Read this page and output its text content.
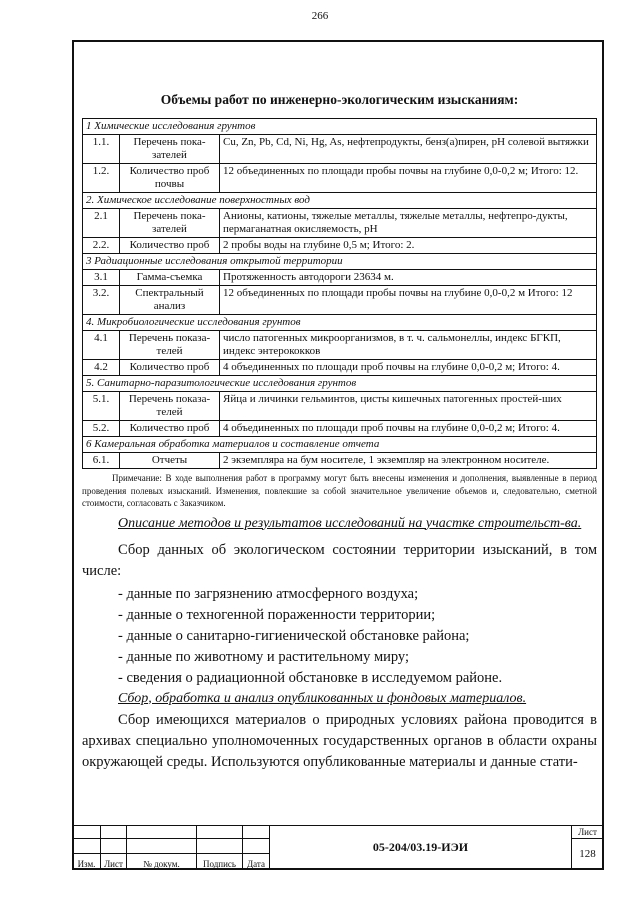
266
Объемы работ по инженерно-экологическим изысканиям:
1 Химические исследования грунтов		
1.1.	Перечень пока-зателей	Cu, Zn, Pb, Cd, Ni, Hg, As, нефтепродукты, бенз(а)пирен, pH солевой вытяжки
1.2.	Количество проб почвы	12 объединенных по площади пробы почвы на глубине 0,0-0,2 м; Итого: 12.
2. Химическое исследование поверхностных вод		
2.1	Перечень пока-зателей	Анионы, катионы, тяжелые металлы, тяжелые металлы, нефтепро-дукты, пермаганатная окисляемость, pH
2.2.	Количество проб	2 пробы воды на глубине 0,5 м; Итого: 2.
3 Радиационные исследования открытой территории		
3.1	Гамма-съемка	Протяженность автодороги 23634 м.
3.2.	Спектральный анализ	12 объединенных по площади пробы почвы на глубине 0,0-0,2 м Итого: 12
4. Микробиологические исследования грунтов		
4.1	Перечень показа-телей	число патогенных микроорганизмов, в т. ч. сальмонеллы, индекс БГКП, индекс энтерококков
4.2	Количество проб	4 объединенных по площади проб почвы на глубине 0,0-0,2 м; Итого: 4.
5. Санитарно-паразитологические исследования грунтов		
5.1.	Перечень показа-телей	Яйца и личинки гельминтов, цисты кишечных патогенных простей-ших
5.2.	Количество проб	4 объединенных по площади проб почвы на глубине 0,0-0,2 м; Итого: 4.
6 Камеральная обработка материалов и составление отчета		
6.1.	Отчеты	2 экземпляра на бум носителе, 1 экземпляр на электронном носителе.
Примечание: В ходе выполнения работ в программу могут быть внесены изменения и дополнения, выявленные в период проведения полевых изысканий. Изменения, повлекшие за собой значительное увеличение объемов и, следовательно, сметной стоимости, согласовать с Заказчиком.

Описание методов и результатов исследований на участке строительст-ва.

Сбор данных об экологическом состоянии территории изысканий, в том числе:

- данные по загрязнению атмосферного воздуха;
- данные о техногенной пораженности территории;
- данные о санитарно-гигиенической обстановке района;
- данные по животному и растительному миру;
- сведения о радиационной обстановке в исследуемом районе.

Сбор, обработка и анализ опубликованных и фондовых материалов.

Сбор имеющихся материалов о природных условиях района проводится в архивах специально уполномоченных государственных органов в области охраны окружающей среды. Используются опубликованные материалы и данные стати-

					05-204/03.19-ИЭИ	Лист
						128
Изм.	Лист	№ докум.	Подпись	Дата		
